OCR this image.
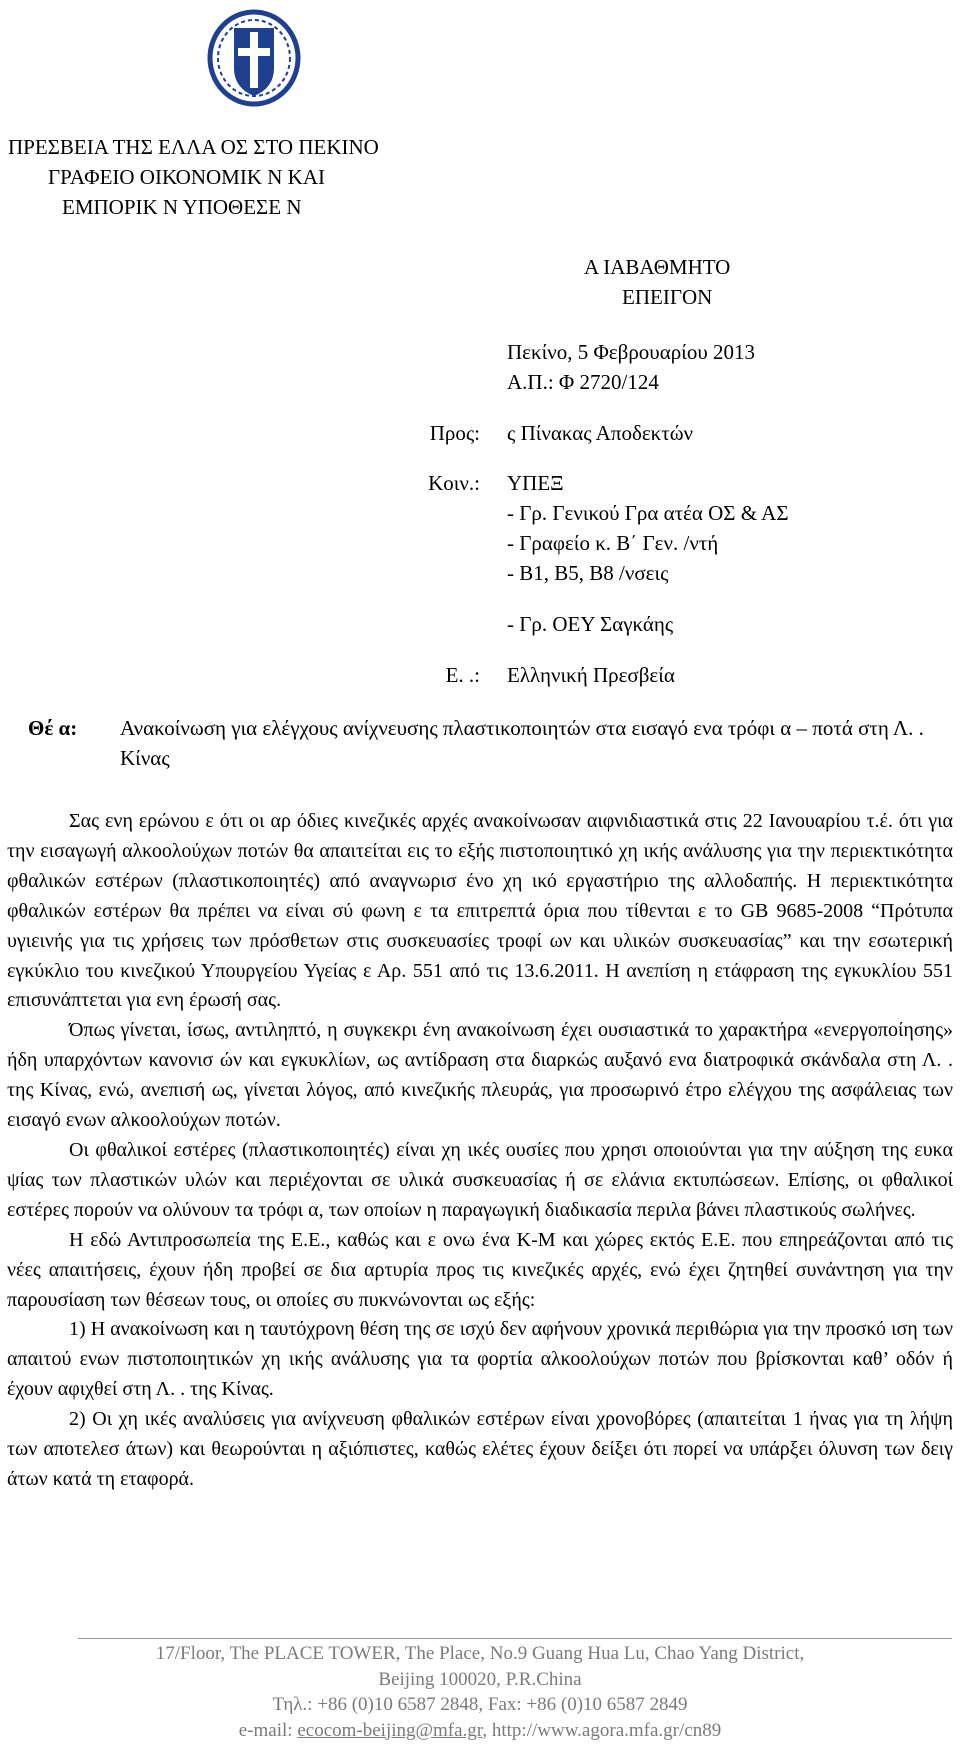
ΠΡΕΣΒΕΙΑ ΤΗΣ ΕΛΛΑ ΟΣ ΣΤΟ ΠΕΚΙΝΟ
ΓΡΑΦΕΙΟ ΟΙΚΟΝΟΜΙΚ Ν ΚΑΙ
ΕΜΠΟΡΙΚ Ν ΥΠΟΘΕΣΕ Ν
Α ΙΑΒΑΘΜΗΤΟ
ΕΠΕΙΓΟΝ
Πεκίνο, 5 Φεβρουαρίου 2013
Α.Π.: Φ 2720/124
Προς: ς Πίνακας Αποδεκτών
Κοιν.: ΥΠΕΞ
- Γρ. Γενικού Γρα ατέα ΟΣ & ΑΣ
- Γραφείο κ. Β΄ Γεν. /ντή
- Β1, Β5, Β8 /νσεις
- Γρ. ΟΕΥ Σαγκάης
Ε. .: Ελληνική Πρεσβεία
Θέ α: Ανακοίνωση για ελέγχους ανίχνευσης πλαστικοποιητών στα εισαγό ενα τρόφι α – ποτά στη Λ. . Κίνας

Σας ενη ερώνου ε ότι οι αρ όδιες κινεζικές αρχές ανακοίνωσαν αιφνιδιαστικά στις 22 Ιανουαρίου τ.έ. ότι για την εισαγωγή αλκοολούχων ποτών θα απαιτείται εις το εξής πιστοποιητικό χη ικής ανάλυσης για την περιεκτικότητα φθαλικών εστέρων (πλαστικοποιητές) από αναγνωρισ ένο χη ικό εργαστήριο της αλλοδαπής. Η περιεκτικότητα φθαλικών εστέρων θα πρέπει να είναι σύ φωνη ε τα επιτρεπτά όρια που τίθενται ε το GB 9685-2008 “Πρότυπα υγιεινής για τις χρήσεις των πρόσθετων στις συσκευασίες τροφί ων και υλικών συσκευασίας” και την εσωτερική εγκύκλιο του κινεζικού Υπουργείου Υγείας ε Αρ. 551 από τις 13.6.2011. Η ανεπίση η ετάφραση της εγκυκλίου 551 επισυνάπτεται για ενη έρωσή σας.

Όπως γίνεται, ίσως, αντιληπτό, η συγκεκρι ένη ανακοίνωση έχει ουσιαστικά το χαρακτήρα «ενεργοποίησης» ήδη υπαρχόντων κανονισ ών και εγκυκλίων, ως αντίδραση στα διαρκώς αυξανό ενα διατροφικά σκάνδαλα στη Λ. . της Κίνας, ενώ, ανεπισή ως, γίνεται λόγος, από κινεζικής πλευράς, για προσωρινό έτρο ελέγχου της ασφάλειας των εισαγό ενων αλκοολούχων ποτών.

Οι φθαλικοί εστέρες (πλαστικοποιητές) είναι χη ικές ουσίες που χρησι οποιούνται για την αύξηση της ευκα ψίας των πλαστικών υλών και περιέχονται σε υλικά συσκευασίας ή σε ελάνια εκτυπώσεων. Επίσης, οι φθαλικοί εστέρες πορούν να ολύνουν τα τρόφι α, των οποίων η παραγωγική διαδικασία περιλα βάνει πλαστικούς σωλήνες.

Η εδώ Αντιπροσωπεία της Ε.Ε., καθώς και ε ονω ένα Κ-Μ και χώρες εκτός Ε.Ε. που επηρεάζονται από τις νέες απαιτήσεις, έχουν ήδη προβεί σε δια αρτυρία προς τις κινεζικές αρχές, ενώ έχει ζητηθεί συνάντηση για την παρουσίαση των θέσεων τους, οι οποίες συ πυκνώνονται ως εξής:

1) Η ανακοίνωση και η ταυτόχρονη θέση της σε ισχύ δεν αφήνουν χρονικά περιθώρια για την προσκό ιση των απαιτού ενων πιστοποιητικών χη ικής ανάλυσης για τα φορτία αλκοολούχων ποτών που βρίσκονται καθ’ οδόν ή έχουν αφιχθεί στη Λ. . της Κίνας.

2) Οι χη ικές αναλύσεις για ανίχνευση φθαλικών εστέρων είναι χρονοβόρες (απαιτείται 1 ήνας για τη λήψη των αποτελεσ άτων) και θεωρούνται η αξιόπιστες, καθώς ελέτες έχουν δείξει ότι πορεί να υπάρξει όλυνση των δειγ άτων κατά τη εταφορά.

17/Floor, The PLACE TOWER, The Place, No.9 Guang Hua Lu, Chao Yang District,
Beijing 100020, P.R.China
Τηλ.: +86 (0)10 6587 2848, Fax: +86 (0)10 6587 2849
e-mail: ecocom-beijing@mfa.gr, http://www.agora.mfa.gr/cn89
